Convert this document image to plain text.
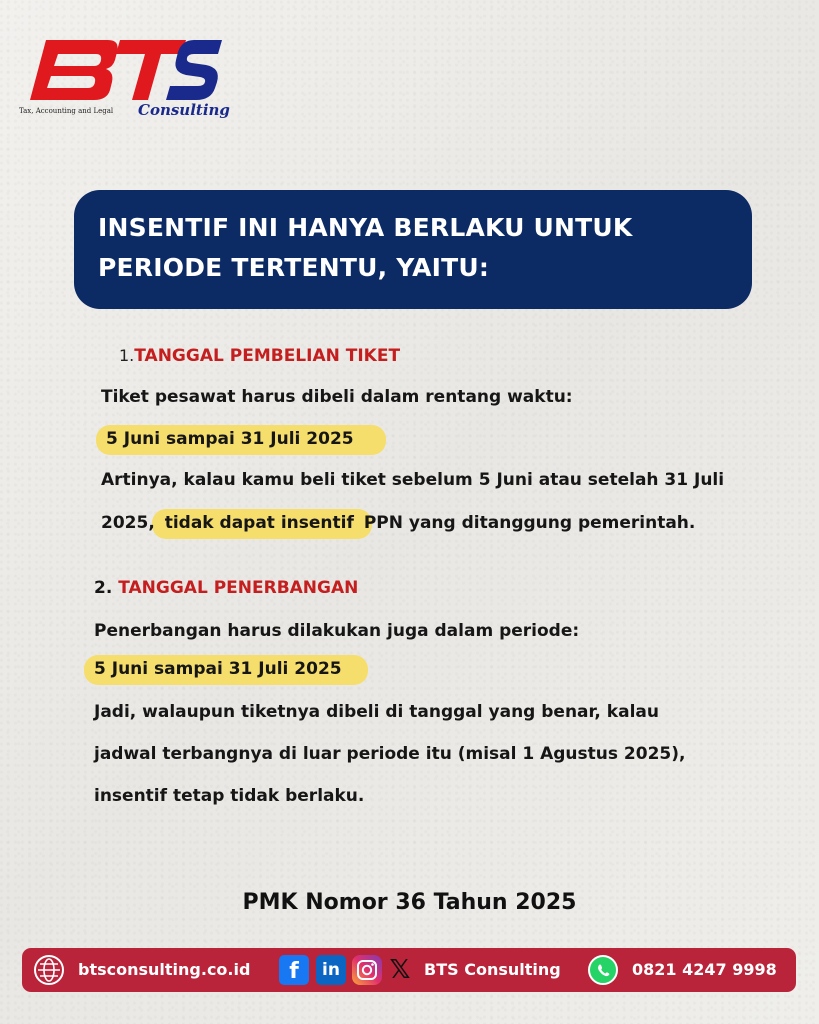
Tax, Accounting and Legal Consulting
INSENTIF INI HANYA BERLAKU UNTUK
PERIODE TERTENTU, YAITU:
1.TANGGAL PEMBELIAN TIKET
Tiket pesawat harus dibeli dalam rentang waktu:
5 Juni sampai 31 Juli 2025
Artinya, kalau kamu beli tiket sebelum 5 Juni atau setelah 31 Juli
2025, tidak dapat insentif PPN yang ditanggung pemerintah.
2. TANGGAL PENERBANGAN
Penerbangan harus dilakukan juga dalam periode:
5 Juni sampai 31 Juli 2025
Jadi, walaupun tiketnya dibeli di tanggal yang benar, kalau
jadwal terbangnya di luar periode itu (misal 1 Agustus 2025),
insentif tetap tidak berlaku.
PMK Nomor 36 Tahun 2025
btsconsulting.co.id	f	in 𝕏 BTS Consulting	0821 4247 9998
